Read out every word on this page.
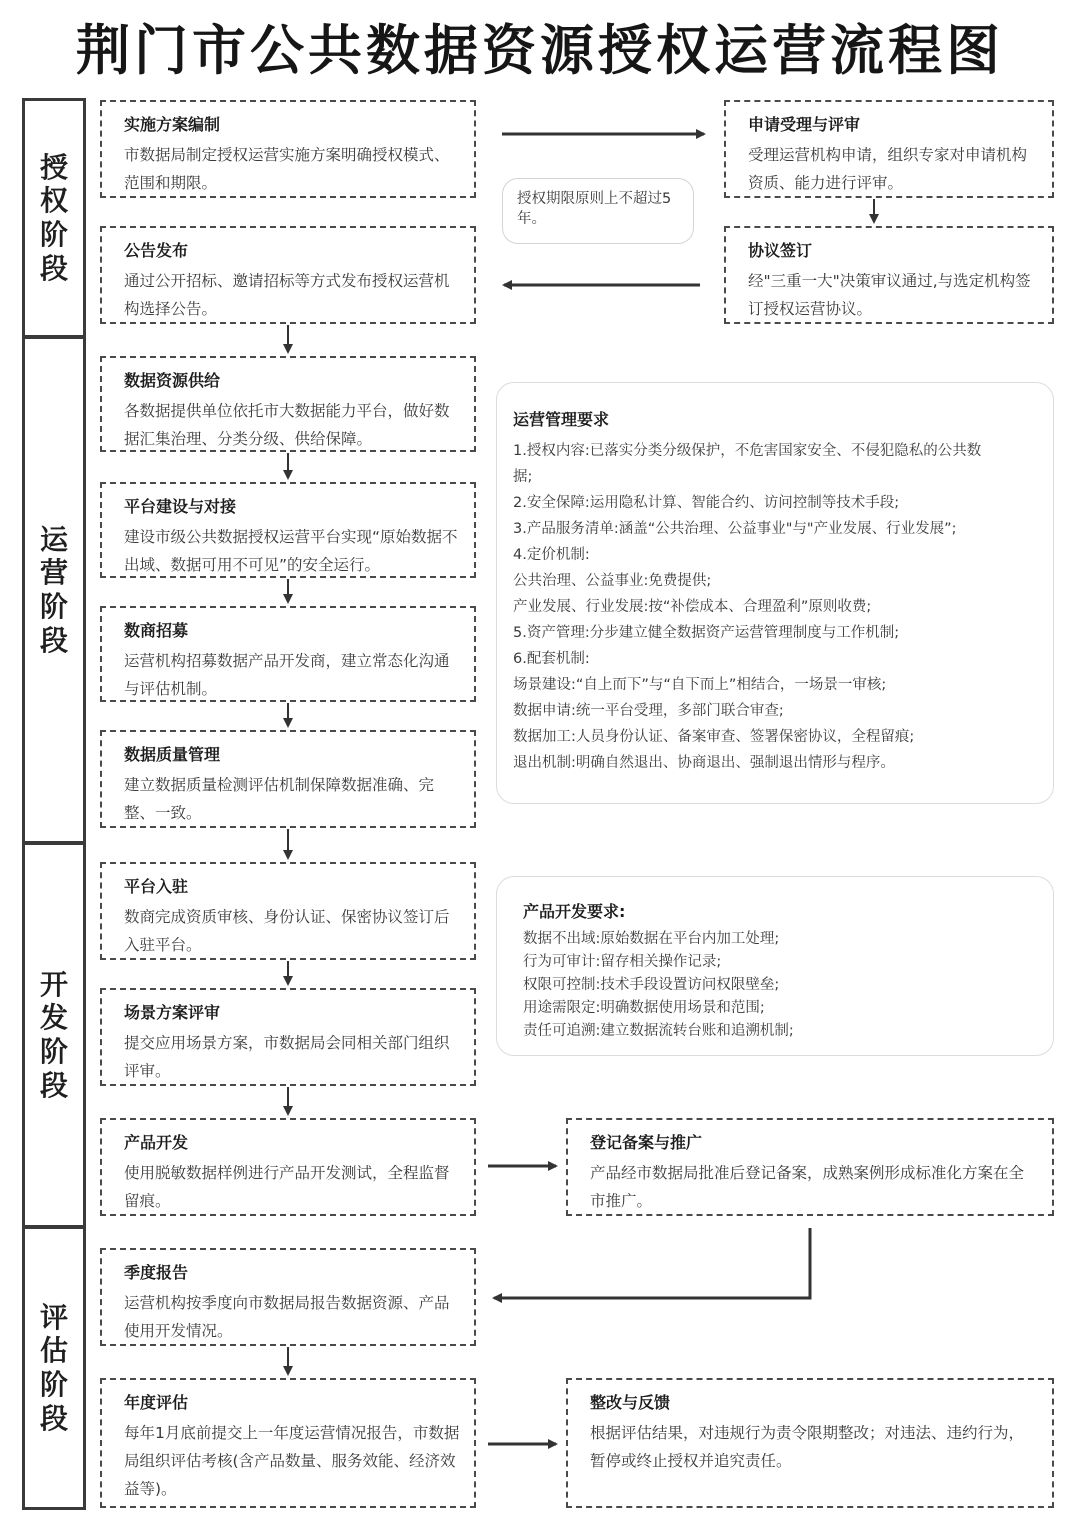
荆门市公共数据资源授权运营流程图
授权阶段
运营阶段
开发阶段
评估阶段
实施方案编制

市数据局制定授权运营实施方案明确授权模式、范围和期限。

公告发布

通过公开招标、邀请招标等方式发布授权运营机构选择公告。

数据资源供给

各数据提供单位依托市大数据能力平台，做好数据汇集治理、分类分级、供给保障。

平台建设与对接

建设市级公共数据授权运营平台实现“原始数据不出域、数据可用不可见”的安全运行。

数商招募

运营机构招募数据产品开发商，建立常态化沟通与评估机制。

数据质量管理

建立数据质量检测评估机制保障数据准确、完整、一致。

平台入驻

数商完成资质审核、身份认证、保密协议签订后入驻平台。

场景方案评审

提交应用场景方案，市数据局会同相关部门组织评审。

产品开发

使用脱敏数据样例进行产品开发测试，全程监督留痕。

季度报告

运营机构按季度向市数据局报告数据资源、产品使用开发情况。

年度评估

每年1月底前提交上一年度运营情况报告，市数据局组织评估考核(含产品数量、服务效能、经济效益等)。

申请受理与评审

受理运营机构申请，组织专家对申请机构资质、能力进行评审。

协议签订

经"三重一大"决策审议通过,与选定机构签订授权运营协议。

登记备案与推广

产品经市数据局批准后登记备案，成熟案例形成标准化方案在全市推广。

整改与反馈

根据评估结果，对违规行为责令限期整改；对违法、违约行为，暂停或终止授权并追究责任。

授权期限原则上不超过5年。
运营管理要求
1.授权内容:已落实分类分级保护，不危害国家安全、不侵犯隐私的公共数
据;
2.安全保障:运用隐私计算、智能合约、访问控制等技术手段;
3.产品服务清单:涵盖“公共治理、公益事业"与"产业发展、行业发展”;
4.定价机制:
公共治理、公益事业:免费提供;
产业发展、行业发展:按“补偿成本、合理盈利”原则收费;
5.资产管理:分步建立健全数据资产运营管理制度与工作机制;
6.配套机制:
场景建设:“自上而下”与“自下而上”相结合，一场景一审核;
数据申请:统一平台受理，多部门联合审查;
数据加工:人员身份认证、备案审查、签署保密协议，全程留痕;
退出机制:明确自然退出、协商退出、强制退出情形与程序。
产品开发要求:
数据不出域:原始数据在平台内加工处理;
行为可审计:留存相关操作记录;
权限可控制:技术手段设置访问权限壁垒;
用途需限定:明确数据使用场景和范围;
责任可追溯:建立数据流转台账和追溯机制;
